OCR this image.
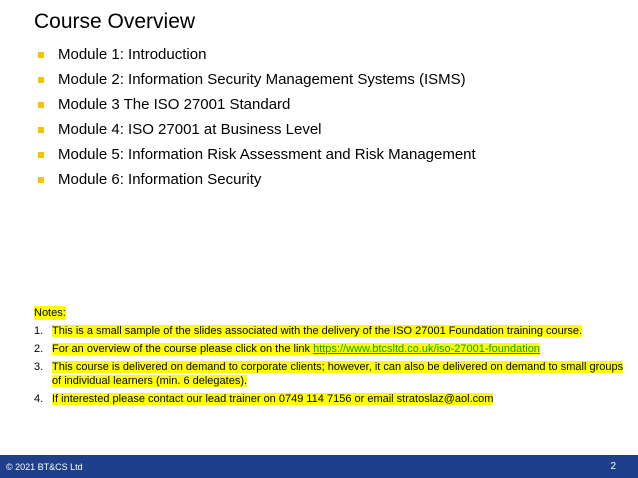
Course Overview
Module 1: Introduction
Module 2: Information Security Management Systems (ISMS)
Module 3 The ISO 27001 Standard
Module 4: ISO 27001 at Business Level
Module 5: Information Risk Assessment and Risk Management
Module 6: Information Security
Notes:
1. This is a small sample of the slides associated with the delivery of the ISO 27001 Foundation training course.
2. For an overview of the course please click on the link https://www.btcsltd.co.uk/iso-27001-foundation
3. This course is delivered on demand to corporate clients; however, it can also be delivered on demand to small groups of individual learners (min. 6 delegates).
4. If interested please contact our lead trainer on 0749 114 7156 or email stratoslaz@aol.com
© 2021 BT&CS Ltd	2
